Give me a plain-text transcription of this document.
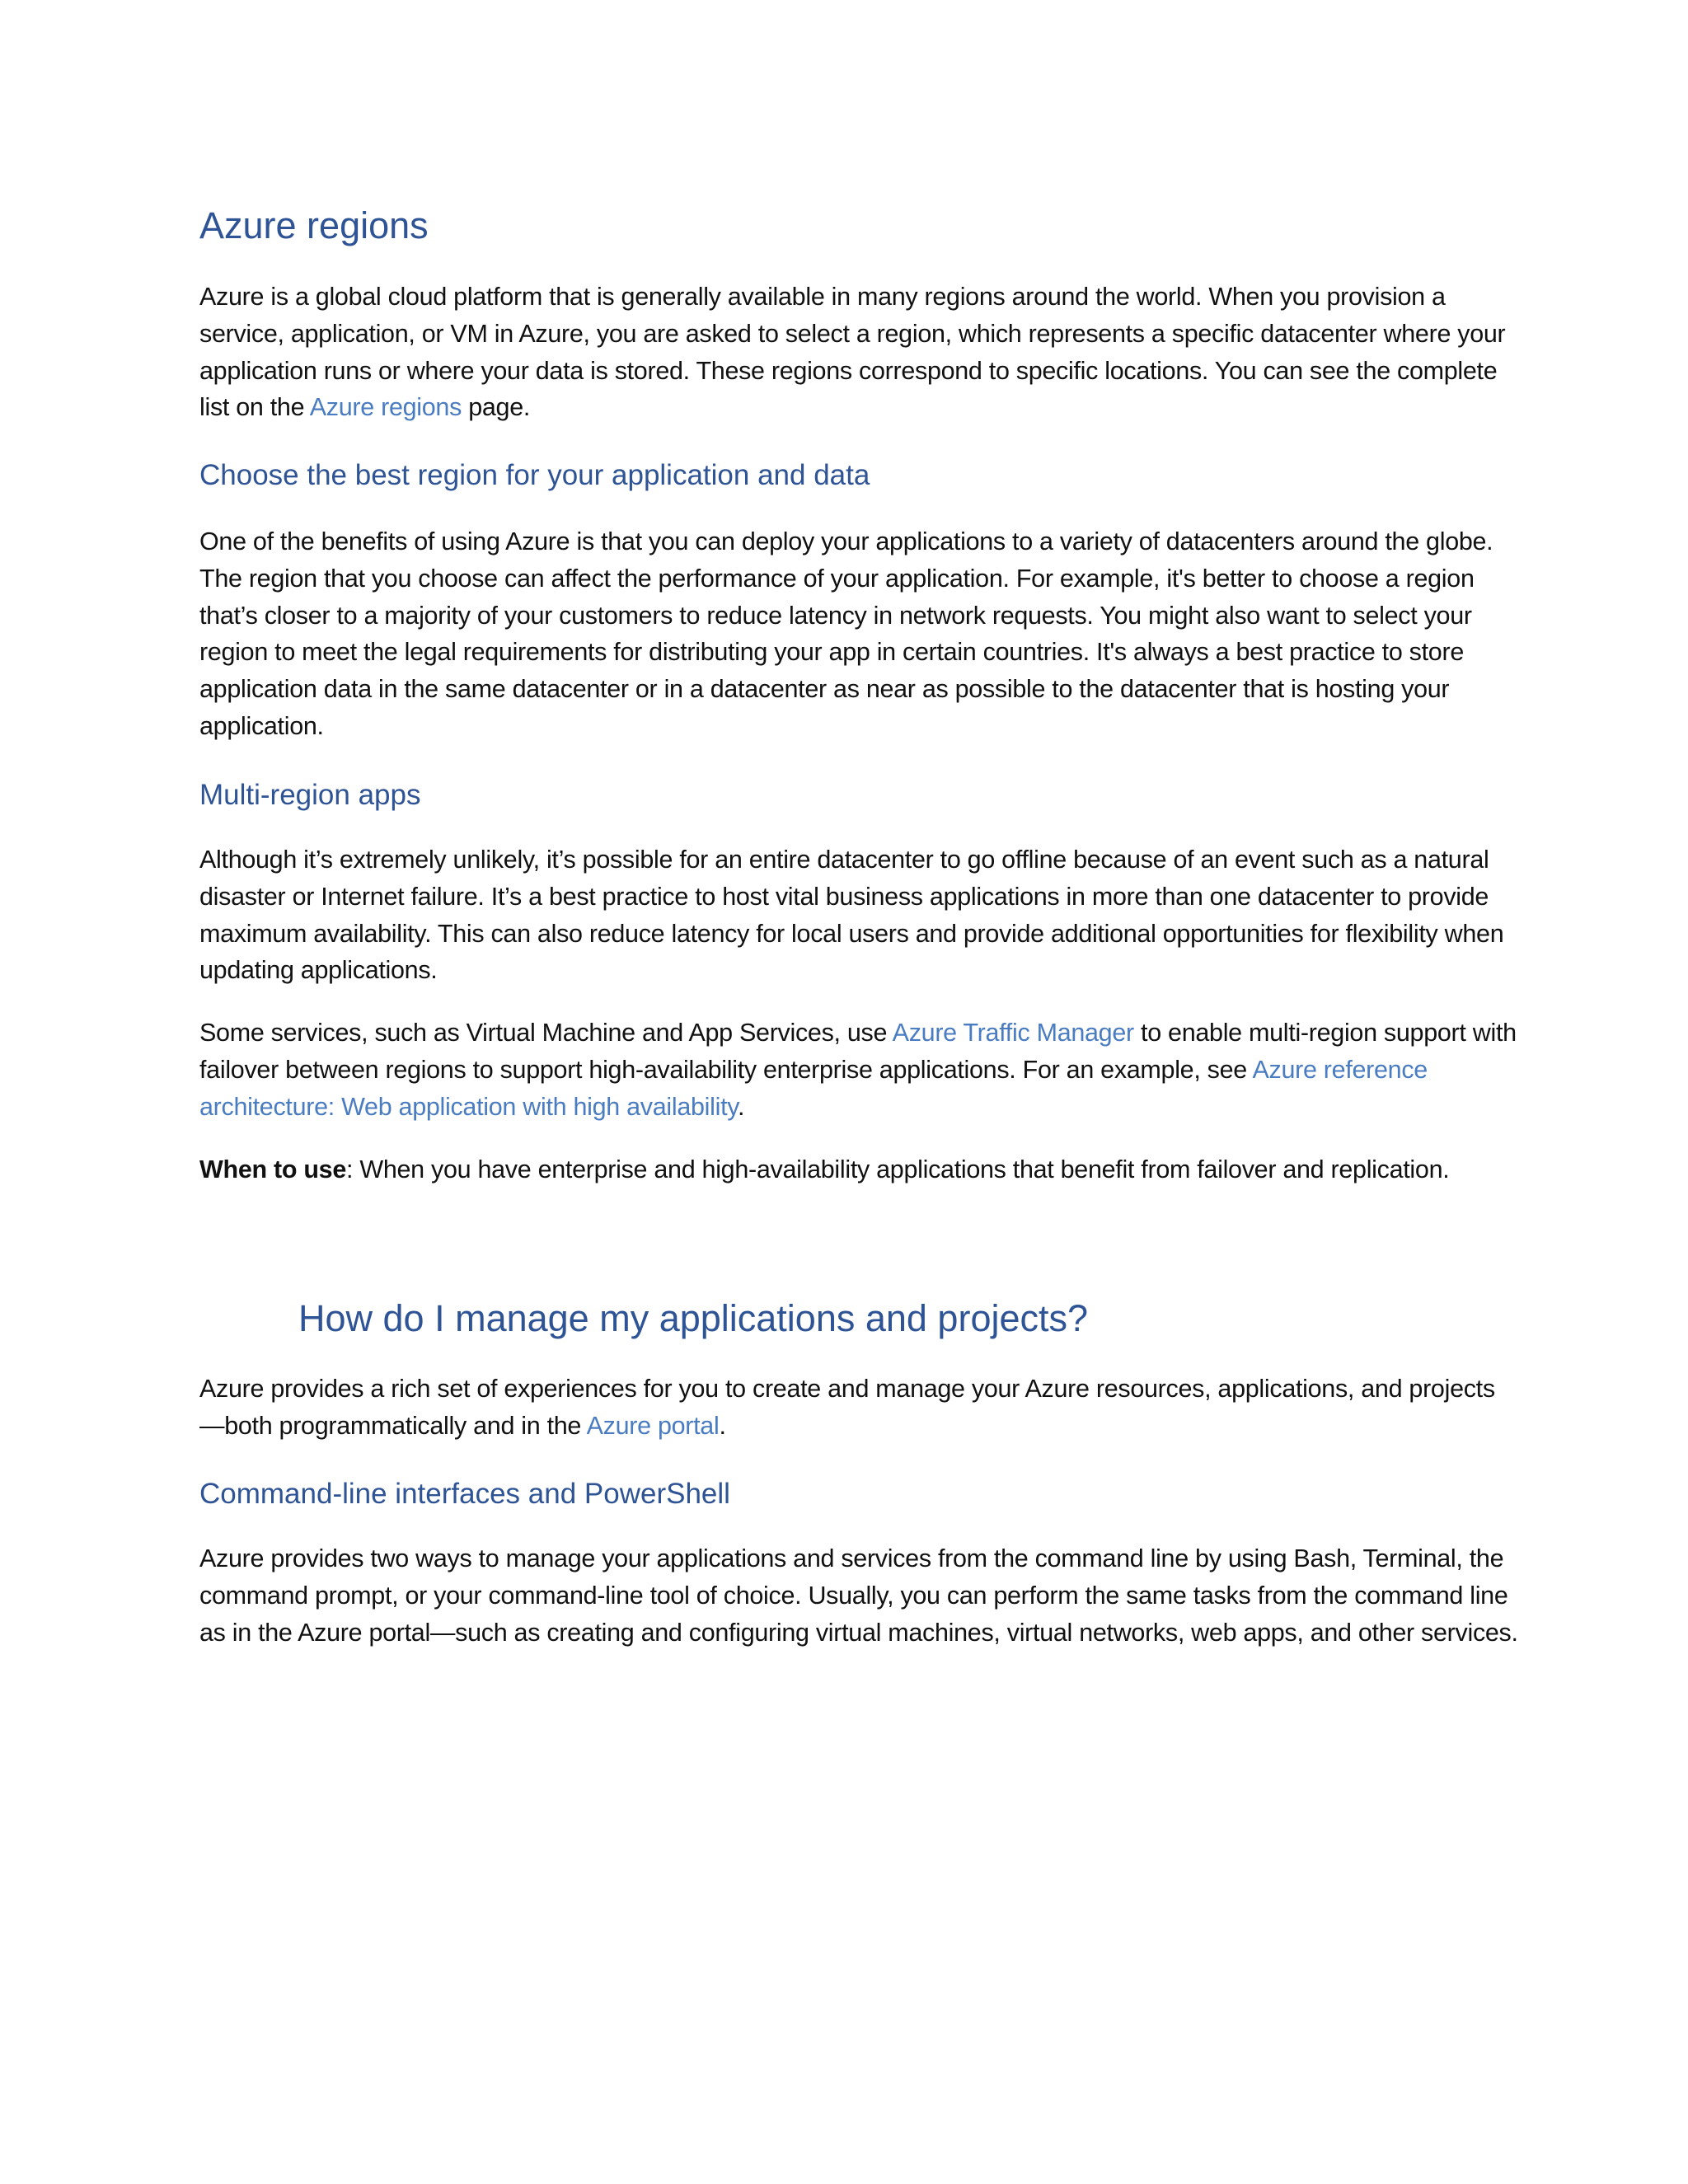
Azure regions

Azure is a global cloud platform that is generally available in many regions around the world. When you provision a service, application, or VM in Azure, you are asked to select a region, which represents a specific datacenter where your application runs or where your data is stored. These regions correspond to specific locations. You can see the complete list on the Azure regions page.

Choose the best region for your application and data

One of the benefits of using Azure is that you can deploy your applications to a variety of datacenters around the globe. The region that you choose can affect the performance of your application. For example, it's better to choose a region that’s closer to a majority of your customers to reduce latency in network requests. You might also want to select your region to meet the legal requirements for distributing your app in certain countries. It's always a best practice to store application data in the same datacenter or in a datacenter as near as possible to the datacenter that is hosting your application.

Multi-region apps

Although it’s extremely unlikely, it’s possible for an entire datacenter to go offline because of an event such as a natural disaster or Internet failure. It’s a best practice to host vital business applications in more than one datacenter to provide maximum availability. This can also reduce latency for local users and provide additional opportunities for flexibility when updating applications.

Some services, such as Virtual Machine and App Services, use Azure Traffic Manager to enable multi-region support with failover between regions to support high-availability enterprise applications. For an example, see Azure reference architecture: Web application with high availability.

When to use: When you have enterprise and high-availability applications that benefit from failover and replication.

How do I manage my applications and projects?

Azure provides a rich set of experiences for you to create and manage your Azure resources, applications, and projects—both programmatically and in the Azure portal.

Command-line interfaces and PowerShell

Azure provides two ways to manage your applications and services from the command line by using Bash, Terminal, the command prompt, or your command-line tool of choice. Usually, you can perform the same tasks from the command line as in the Azure portal—such as creating and configuring virtual machines, virtual networks, web apps, and other services.
